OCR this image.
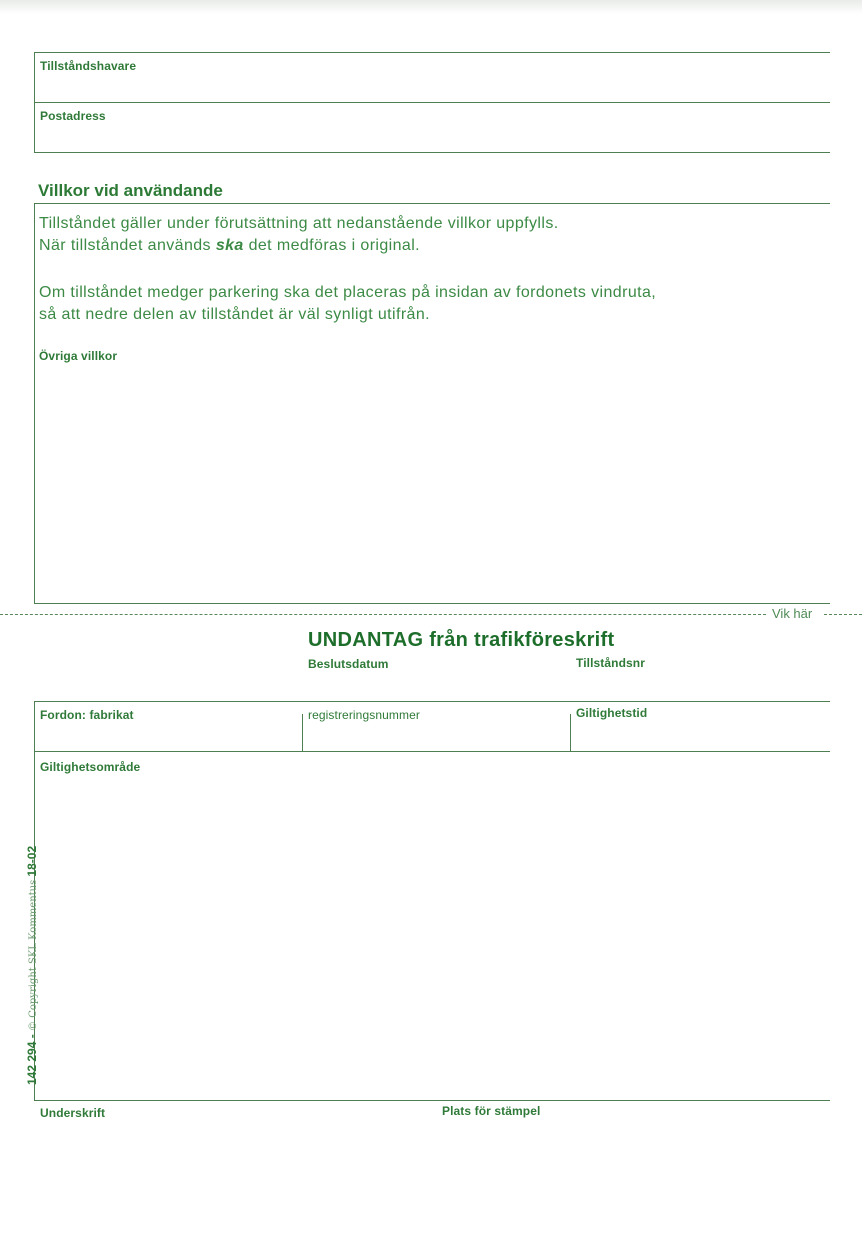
Tillståndshavare
Postadress
Villkor vid användande
Tillståndet gäller under förutsättning att nedanstående villkor uppfylls.
När tillståndet används ska det medföras i original.
Om tillståndet medger parkering ska det placeras på insidan av fordonets vindruta,
så att nedre delen av tillståndet är väl synligt utifrån.
Övriga villkor
Vik här
UNDANTAG från trafikföreskrift
Beslutsdatum	Tillståndsnr
Fordon: fabrikat	registreringsnummer	Giltighetstid
Giltighetsområde
Underskrift	Plats för stämpel
142 294 - © Copyright SKL Kommentus 18-02
